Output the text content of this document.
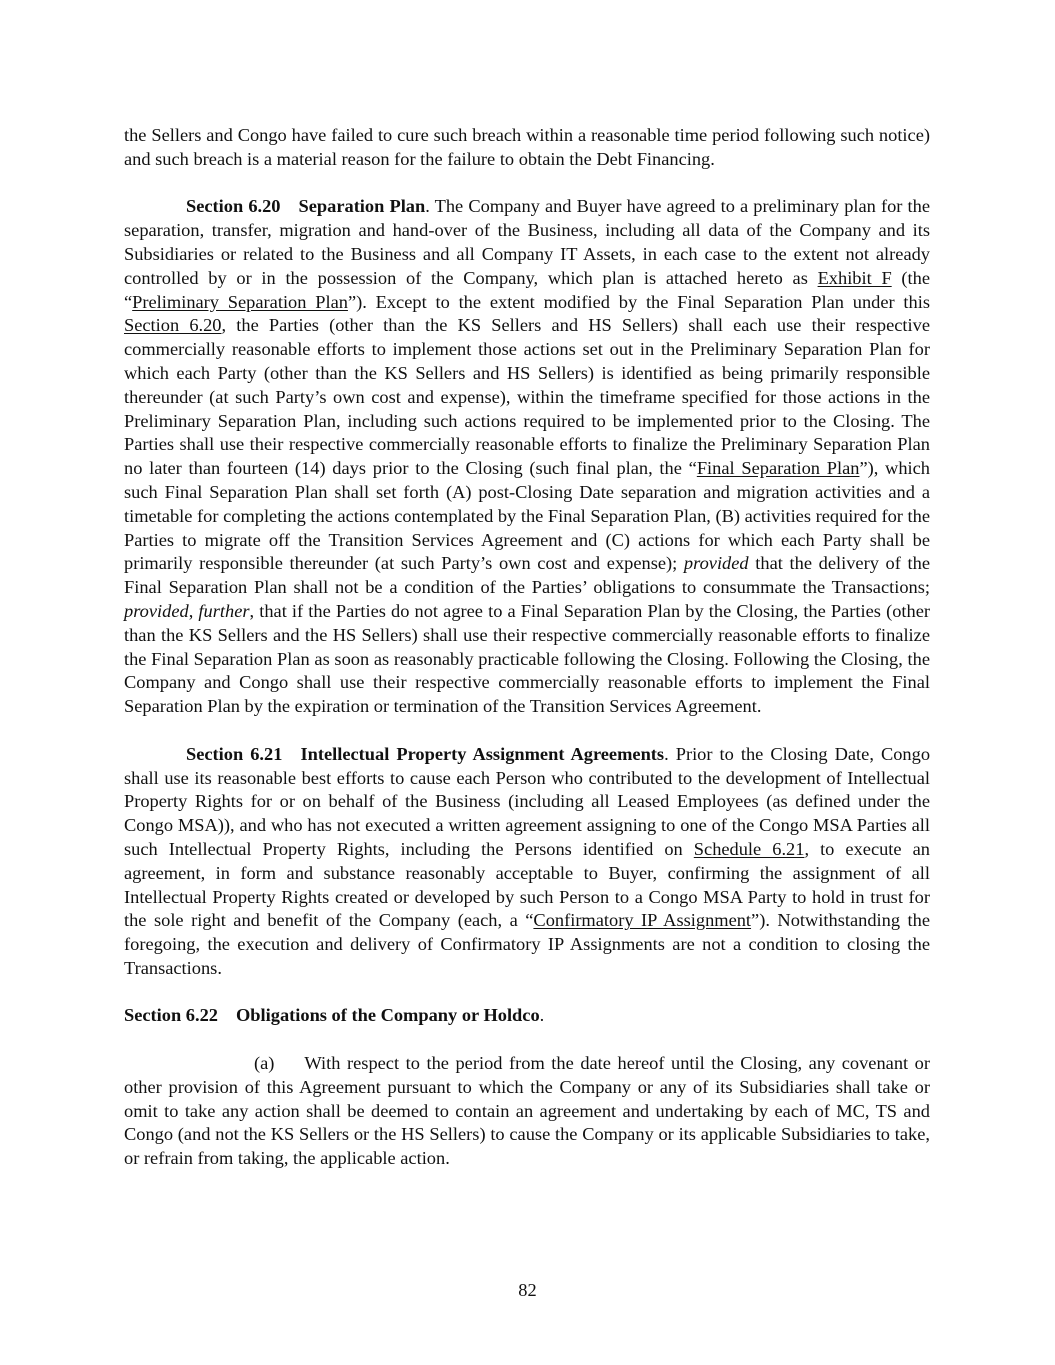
the Sellers and Congo have failed to cure such breach within a reasonable time period following such notice) and such breach is a material reason for the failure to obtain the Debt Financing.

Section 6.20 Separation Plan. The Company and Buyer have agreed to a preliminary plan for the separation, transfer, migration and hand-over of the Business, including all data of the Company and its Subsidiaries or related to the Business and all Company IT Assets, in each case to the extent not already controlled by or in the possession of the Company, which plan is attached hereto as Exhibit F (the “Preliminary Separation Plan”). Except to the extent modified by the Final Separation Plan under this Section 6.20, the Parties (other than the KS Sellers and HS Sellers) shall each use their respective commercially reasonable efforts to implement those actions set out in the Preliminary Separation Plan for which each Party (other than the KS Sellers and HS Sellers) is identified as being primarily responsible thereunder (at such Party’s own cost and expense), within the timeframe specified for those actions in the Preliminary Separation Plan, including such actions required to be implemented prior to the Closing. The Parties shall use their respective commercially reasonable efforts to finalize the Preliminary Separation Plan no later than fourteen (14) days prior to the Closing (such final plan, the “Final Separation Plan”), which such Final Separation Plan shall set forth (A) post-Closing Date separation and migration activities and a timetable for completing the actions contemplated by the Final Separation Plan, (B) activities required for the Parties to migrate off the Transition Services Agreement and (C) actions for which each Party shall be primarily responsible thereunder (at such Party’s own cost and expense); provided that the delivery of the Final Separation Plan shall not be a condition of the Parties’ obligations to consummate the Transactions; provided, further, that if the Parties do not agree to a Final Separation Plan by the Closing, the Parties (other than the KS Sellers and the HS Sellers) shall use their respective commercially reasonable efforts to finalize the Final Separation Plan as soon as reasonably practicable following the Closing. Following the Closing, the Company and Congo shall use their respective commercially reasonable efforts to implement the Final Separation Plan by the expiration or termination of the Transition Services Agreement.

Section 6.21 Intellectual Property Assignment Agreements. Prior to the Closing Date, Congo shall use its reasonable best efforts to cause each Person who contributed to the development of Intellectual Property Rights for or on behalf of the Business (including all Leased Employees (as defined under the Congo MSA)), and who has not executed a written agreement assigning to one of the Congo MSA Parties all such Intellectual Property Rights, including the Persons identified on Schedule 6.21, to execute an agreement, in form and substance reasonably acceptable to Buyer, confirming the assignment of all Intellectual Property Rights created or developed by such Person to a Congo MSA Party to hold in trust for the sole right and benefit of the Company (each, a “Confirmatory IP Assignment”). Notwithstanding the foregoing, the execution and delivery of Confirmatory IP Assignments are not a condition to closing the Transactions.

Section 6.22 Obligations of the Company or Holdco.

(a) With respect to the period from the date hereof until the Closing, any covenant or other provision of this Agreement pursuant to which the Company or any of its Subsidiaries shall take or omit to take any action shall be deemed to contain an agreement and undertaking by each of MC, TS and Congo (and not the KS Sellers or the HS Sellers) to cause the Company or its applicable Subsidiaries to take, or refrain from taking, the applicable action.

82
